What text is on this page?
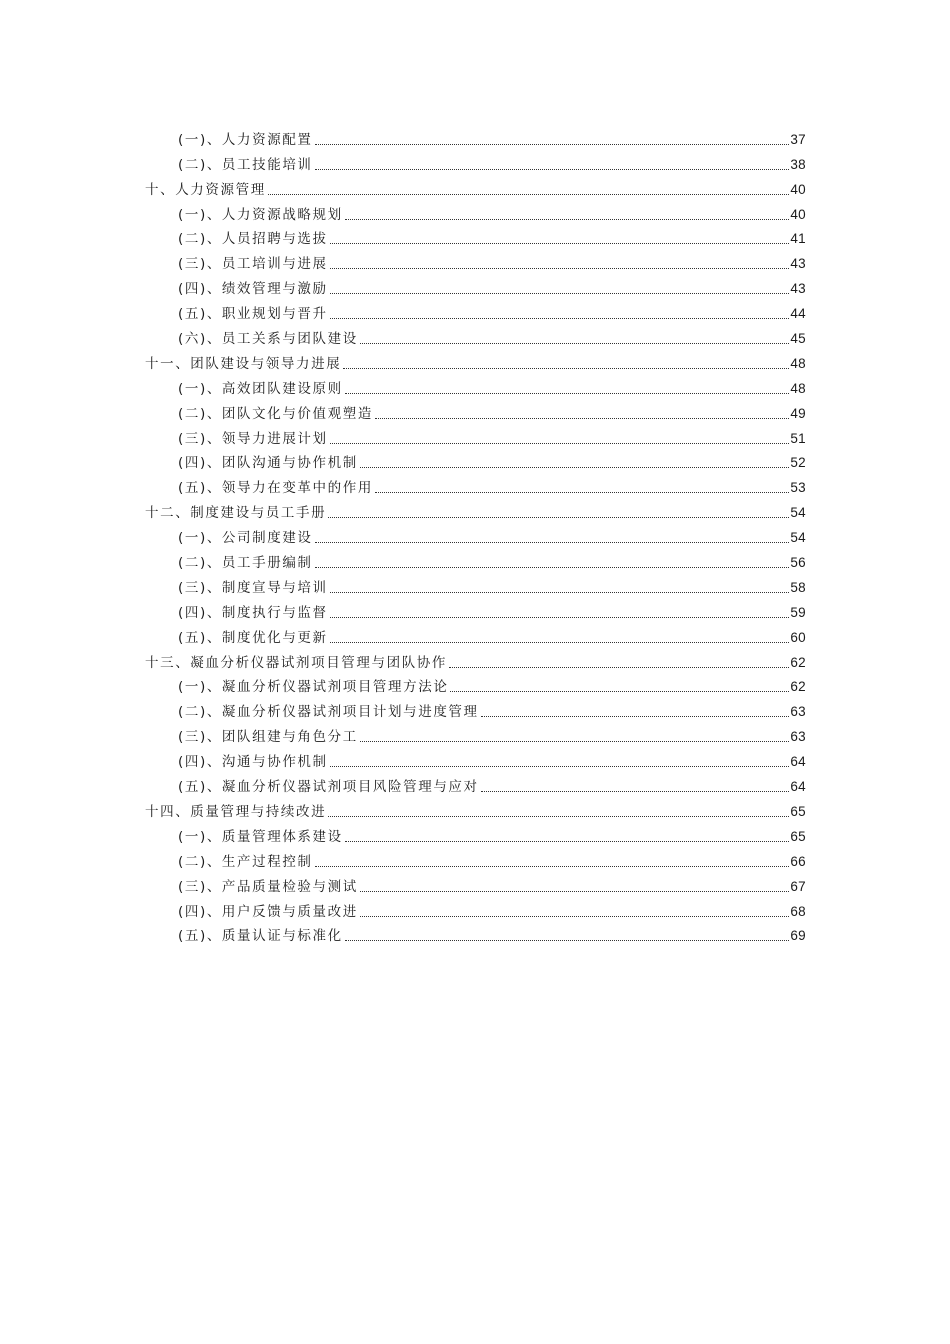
(一)、人力资源配置	37
(二)、员工技能培训	38
十、人力资源管理	40
(一)、人力资源战略规划	40
(二)、人员招聘与选拔	41
(三)、员工培训与进展	43
(四)、绩效管理与激励	43
(五)、职业规划与晋升	44
(六)、员工关系与团队建设	45
十一、团队建设与领导力进展	48
(一)、高效团队建设原则	48
(二)、团队文化与价值观塑造	49
(三)、领导力进展计划	51
(四)、团队沟通与协作机制	52
(五)、领导力在变革中的作用	53
十二、制度建设与员工手册	54
(一)、公司制度建设	54
(二)、员工手册编制	56
(三)、制度宣导与培训	58
(四)、制度执行与监督	59
(五)、制度优化与更新	60
十三、凝血分析仪器试剂项目管理与团队协作	62
(一)、凝血分析仪器试剂项目管理方法论	62
(二)、凝血分析仪器试剂项目计划与进度管理	63
(三)、团队组建与角色分工	63
(四)、沟通与协作机制	64
(五)、凝血分析仪器试剂项目风险管理与应对	64
十四、质量管理与持续改进	65
(一)、质量管理体系建设	65
(二)、生产过程控制	66
(三)、产品质量检验与测试	67
(四)、用户反馈与质量改进	68
(五)、质量认证与标准化	69
